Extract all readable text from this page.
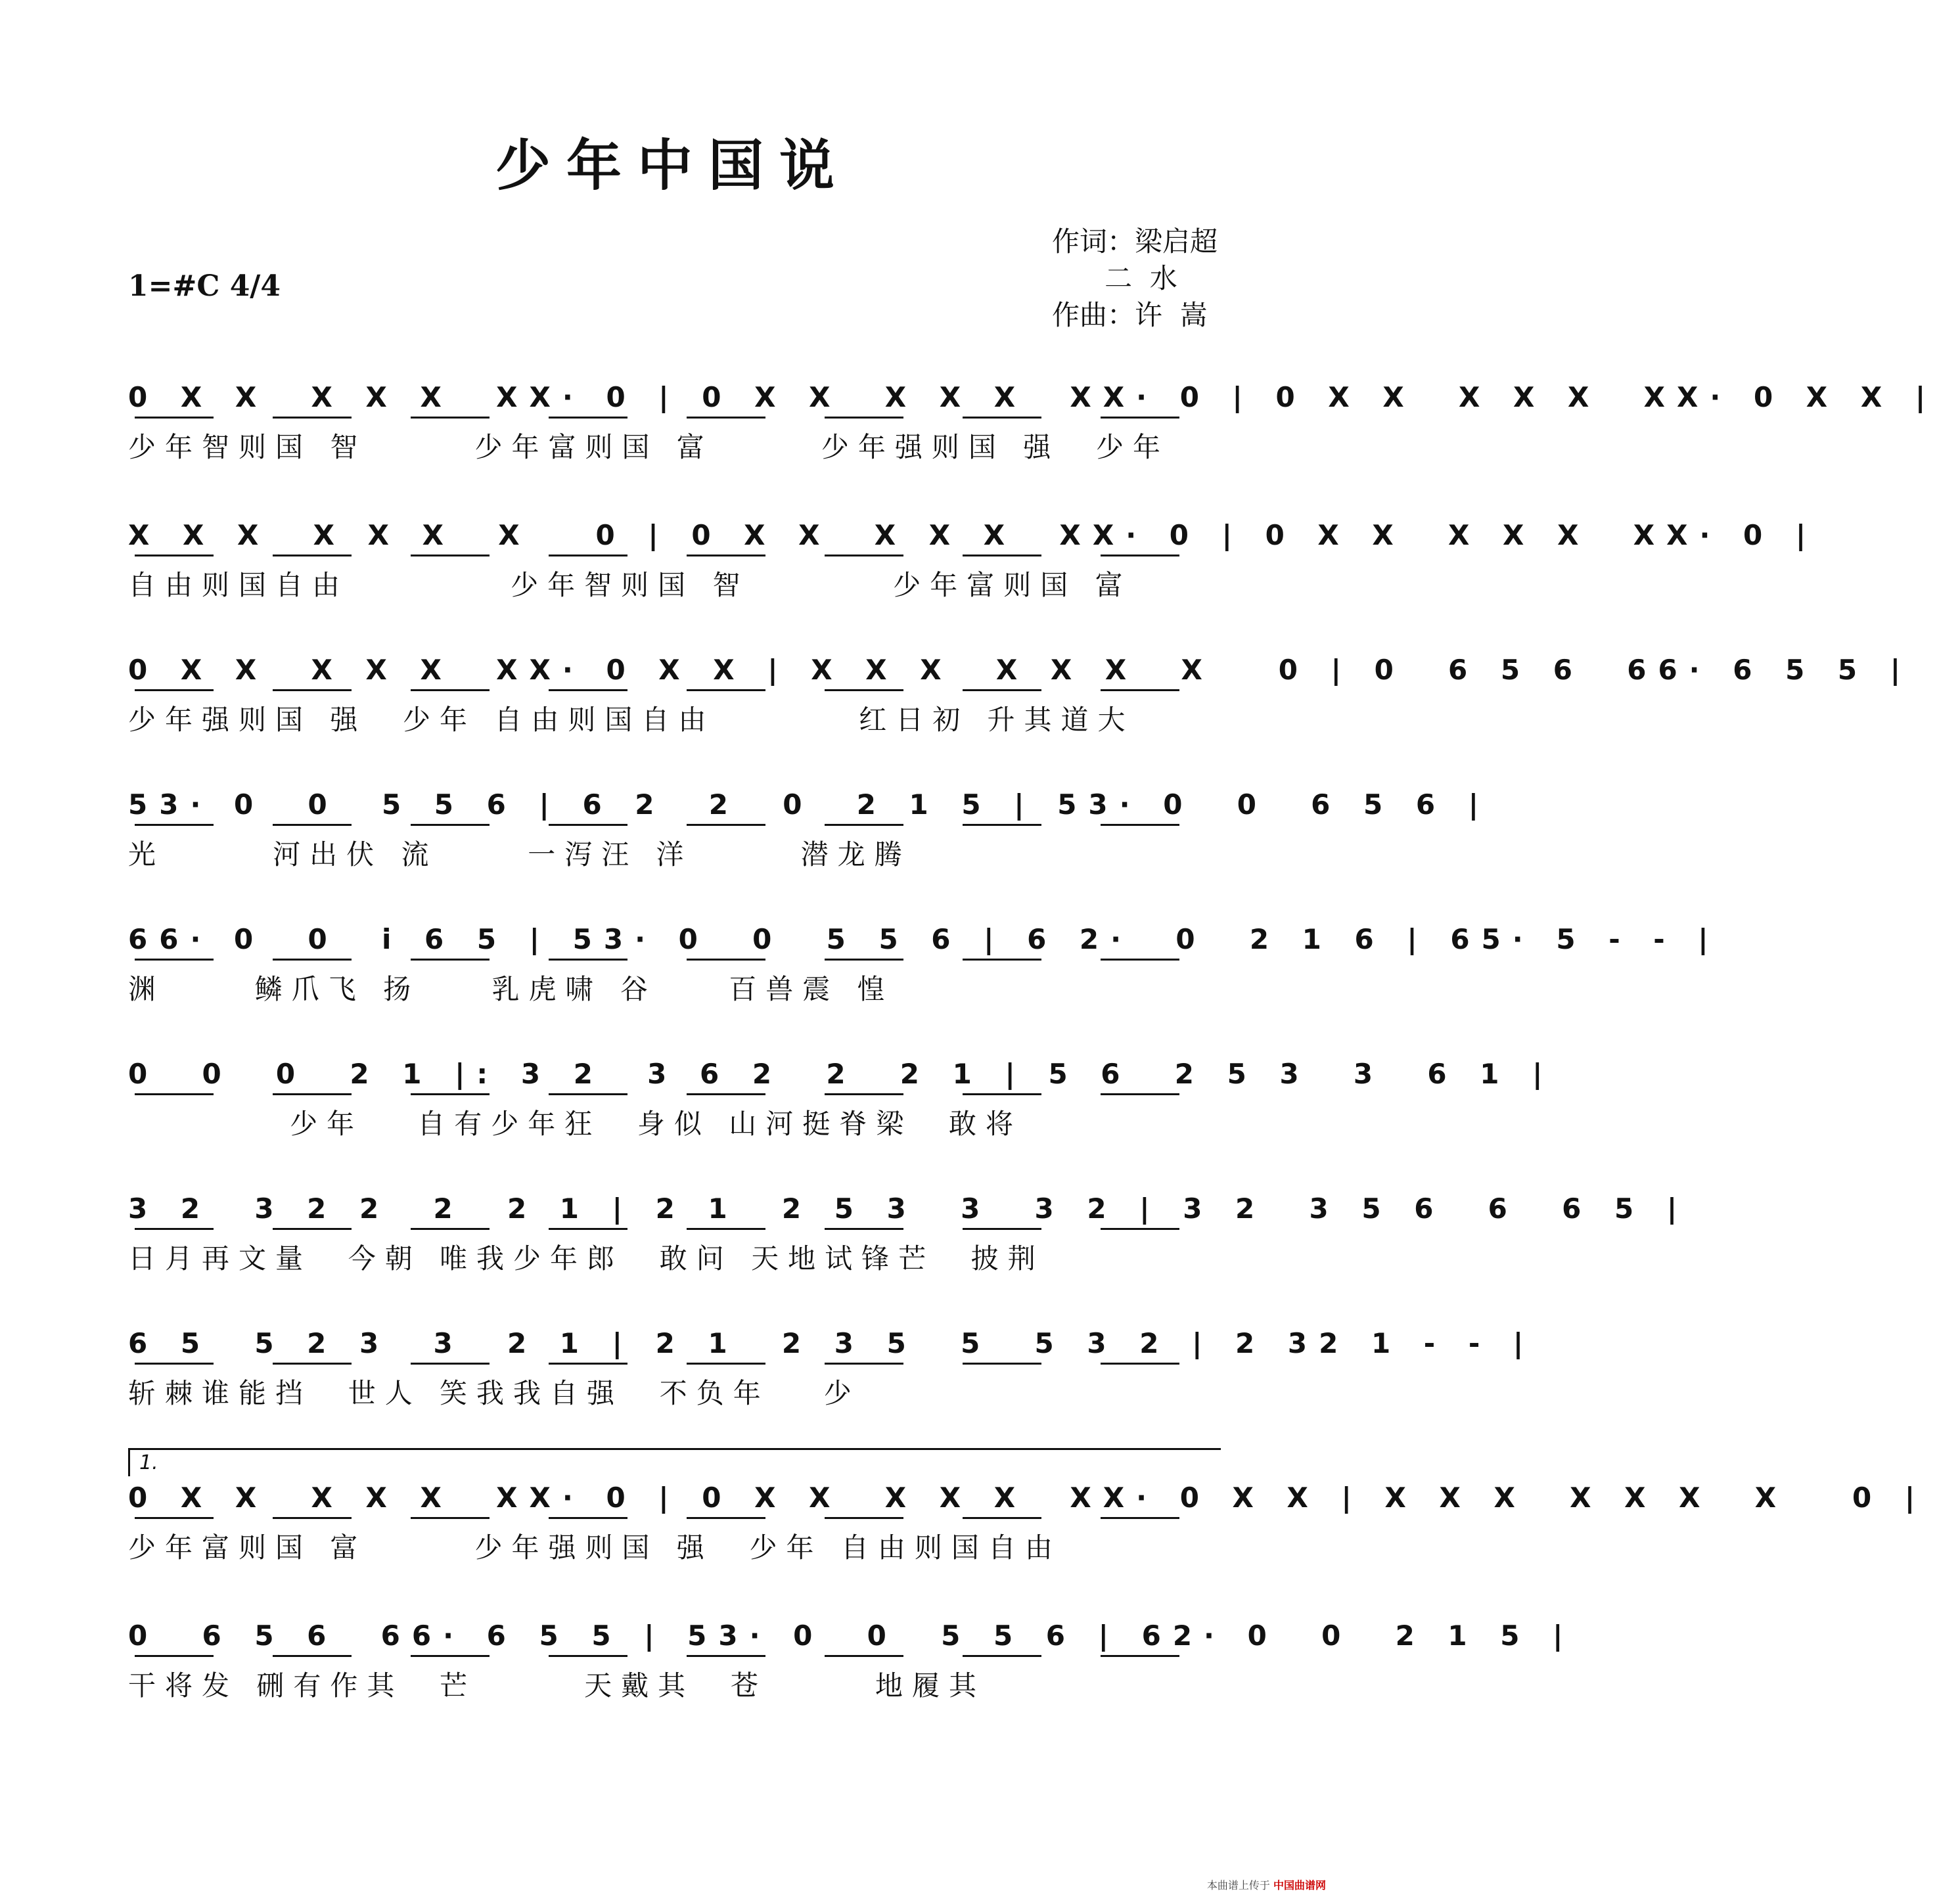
少年中国说
作词：梁启超
二  水
作曲：许  嵩
1=#C 4/4
1.
0 X X  X X X  XX· 0 | 0 X X  X X X  XX· 0 | 0 X X  X X X  XX· 0 X X |
少年智则国 智      少年富则国 富      少年强则国 强  少年
X X X  X X X  X   0 | 0 X X  X X X  XX· 0 | 0 X X  X X X  XX· 0 |
自由则国自由         少年智则国 智        少年富则国 富
0 X X  X X X  XX· 0 X X | X X X  X X X  X   0 | 0  6 5 6  66· 6 5 5 |
少年强则国 强  少年 自由则国自由        红日初 升其道大
53· 0  0  5 5 6 | 6 2  2  0  2 1 5 | 53· 0  0  6 5 6 |
光      河出伏 流     一泻汪 洋      潜龙腾
66· 0  0  i 6 5 | 53· 0  0  5 5 6 | 6 2·  0  2 1 6 | 65· 5 - - |
渊     鳞爪飞 扬    乳虎啸 谷    百兽震 惶
0  0  0  2 1 |: 3 2  3 6 2  2  2 1 | 5 6  2 5 3  3  6 1 |
少年   自有少年狂  身似 山河挺脊梁  敢将
3 2  3 2 2  2  2 1 | 2 1  2 5 3  3  3 2 | 3 2  3 5 6  6  6 5 |
日月再文量  今朝 唯我少年郎  敢问 天地试锋芒  披荆
6 5  5 2 3  3  2 1 | 2 1  2 3 5  5  5 3 2 | 2 32 1 - - |
斩棘谁能挡  世人 笑我我自强  不负年   少
0 X X  X X X  XX· 0 | 0 X X  X X X  XX· 0 X X | X X X  X X X  X   0 |
少年富则国 富      少年强则国 强  少年 自由则国自由
0  6 5 6  66· 6 5 5 | 53· 0  0  5 5 6 | 62· 0  0  2 1 5 |
干将发 硎有作其  芒      天戴其  苍      地履其
本曲谱上传于 中国曲谱网
